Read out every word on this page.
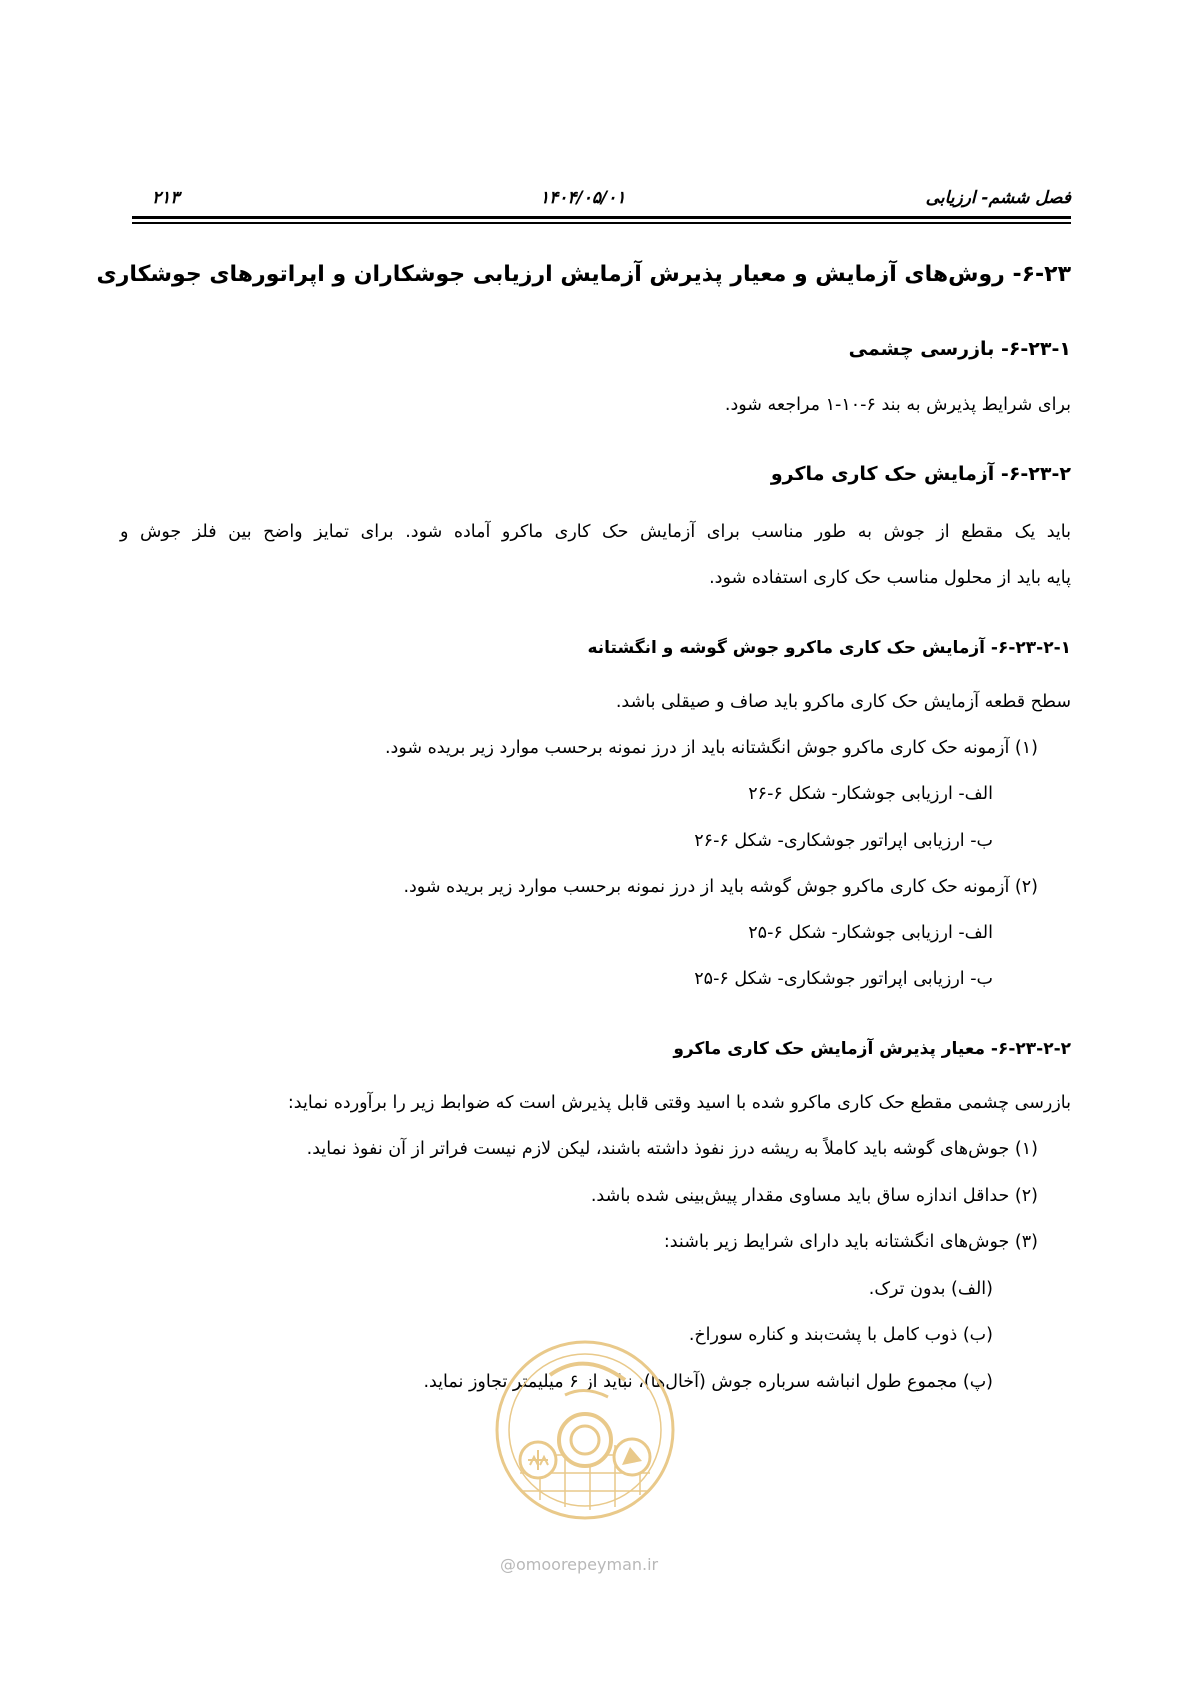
۲۱۳	۱۴۰۴/۰۵/۰۱	فصل ششم- ارزیابی
۶-۲۳- روش‌های آزمایش و معیار پذیرش آزمایش ارزیابی جوشکاران و اپراتورهای جوشکاری
۶-۲۳-۱- بازرسی چشمی
برای شرایط پذیرش به بند ۶-۱۰-۱ مراجعه شود.
۶-۲۳-۲- آزمایش حک کاری ماکرو
باید یک مقطع از جوش به طور مناسب برای آزمایش حک کاری ماکرو آماده شود. برای تمایز واضح بین فلز جوش و
پایه باید از محلول مناسب حک کاری استفاده شود.
۶-۲۳-۲-۱- آزمایش حک کاری ماکرو جوش گوشه و انگشتانه
سطح قطعه آزمایش حک کاری ماکرو باید صاف و صیقلی باشد.
(۱) آزمونه حک کاری ماکرو جوش انگشتانه باید از درز نمونه برحسب موارد زیر بریده شود.
الف- ارزیابی جوشکار- شکل ۶-۲۶
ب- ارزیابی اپراتور جوشکاری- شکل ۶-۲۶
(۲) آزمونه حک کاری ماکرو جوش گوشه باید از درز نمونه برحسب موارد زیر بریده شود.
الف- ارزیابی جوشکار- شکل ۶-۲۵
ب- ارزیابی اپراتور جوشکاری- شکل ۶-۲۵
۶-۲۳-۲-۲- معیار پذیرش آزمایش حک کاری ماکرو
بازرسی چشمی مقطع حک کاری ماکرو شده با اسید وقتی قابل پذیرش است که ضوابط زیر را برآورده نماید:
(۱) جوش‌های گوشه باید کاملاً به ریشه درز نفوذ داشته باشند، لیکن لازم نیست فراتر از آن نفوذ نماید.
(۲) حداقل اندازه ساق باید مساوی مقدار پیش‌بینی شده باشد.
(۳) جوش‌های انگشتانه باید دارای شرایط زیر باشند:
(الف) بدون ترک.
(ب) ذوب کامل با پشت‌بند و کناره سوراخ.
(پ) مجموع طول انباشه سرباره جوش (آخال‌ها)، نباید از ۶ میلیمتر تجاوز نماید.
@omoorepeyman.ir
